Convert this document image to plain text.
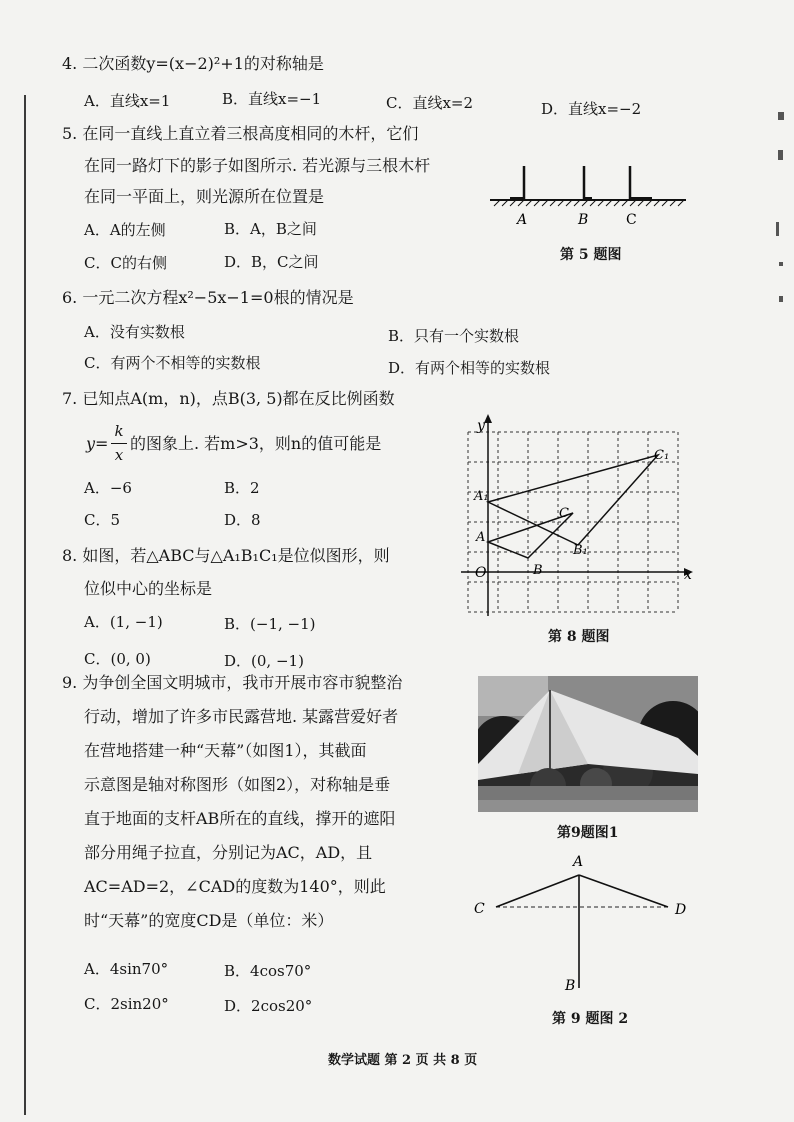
4. 二次函数y=(x−2)²+1的对称轴是
A．直线x=1	B．直线x=−1	C．直线x=2	D．直线x=−2
5. 在同一直线上直立着三根高度相同的木杆，它们
在同一路灯下的影子如图所示. 若光源与三根木杆
在同一平面上，则光源所在位置是
A．A的左侧	B．A，B之间
C．C的右侧	D．B，C之间
A	B	C
第 5 题图
6. 一元二次方程x²−5x−1=0根的情况是
A．没有实数根	B．只有一个实数根
C．有两个不相等的实数根	D．有两个相等的实数根
7. 已知点A(m，n)，点B(3, 5)都在反比例函数
y=
k
x
的图象上. 若m>3，则n的值可能是
A．−6	B．2
C．5	D．8
8. 如图，若△ABC与△A₁B₁C₁是位似图形，则
位似中心的坐标是
A．(1, −1)	B．(−1, −1)
C．(0, 0)	D．(0, −1)
y
x
O
A
B
C
A₁
B₁
C₁
第 8 题图
9. 为争创全国文明城市，我市开展市容市貌整治
行动，增加了许多市民露营地. 某露营爱好者
在营地搭建一种“天幕”（如图1），其截面
示意图是轴对称图形（如图2），对称轴是垂
直于地面的支杆AB所在的直线，撑开的遮阳
部分用绳子拉直，分别记为AC，AD，且
AC=AD=2，∠CAD的度数为140°，则此
时“天幕”的宽度CD是（单位：米）
A．4sin70°	B．4cos70°
C．2sin20°	D．2cos20°
第9题图1
A
B
C	D
第 9 题图 2
数学试题 第 2 页 共 8 页
